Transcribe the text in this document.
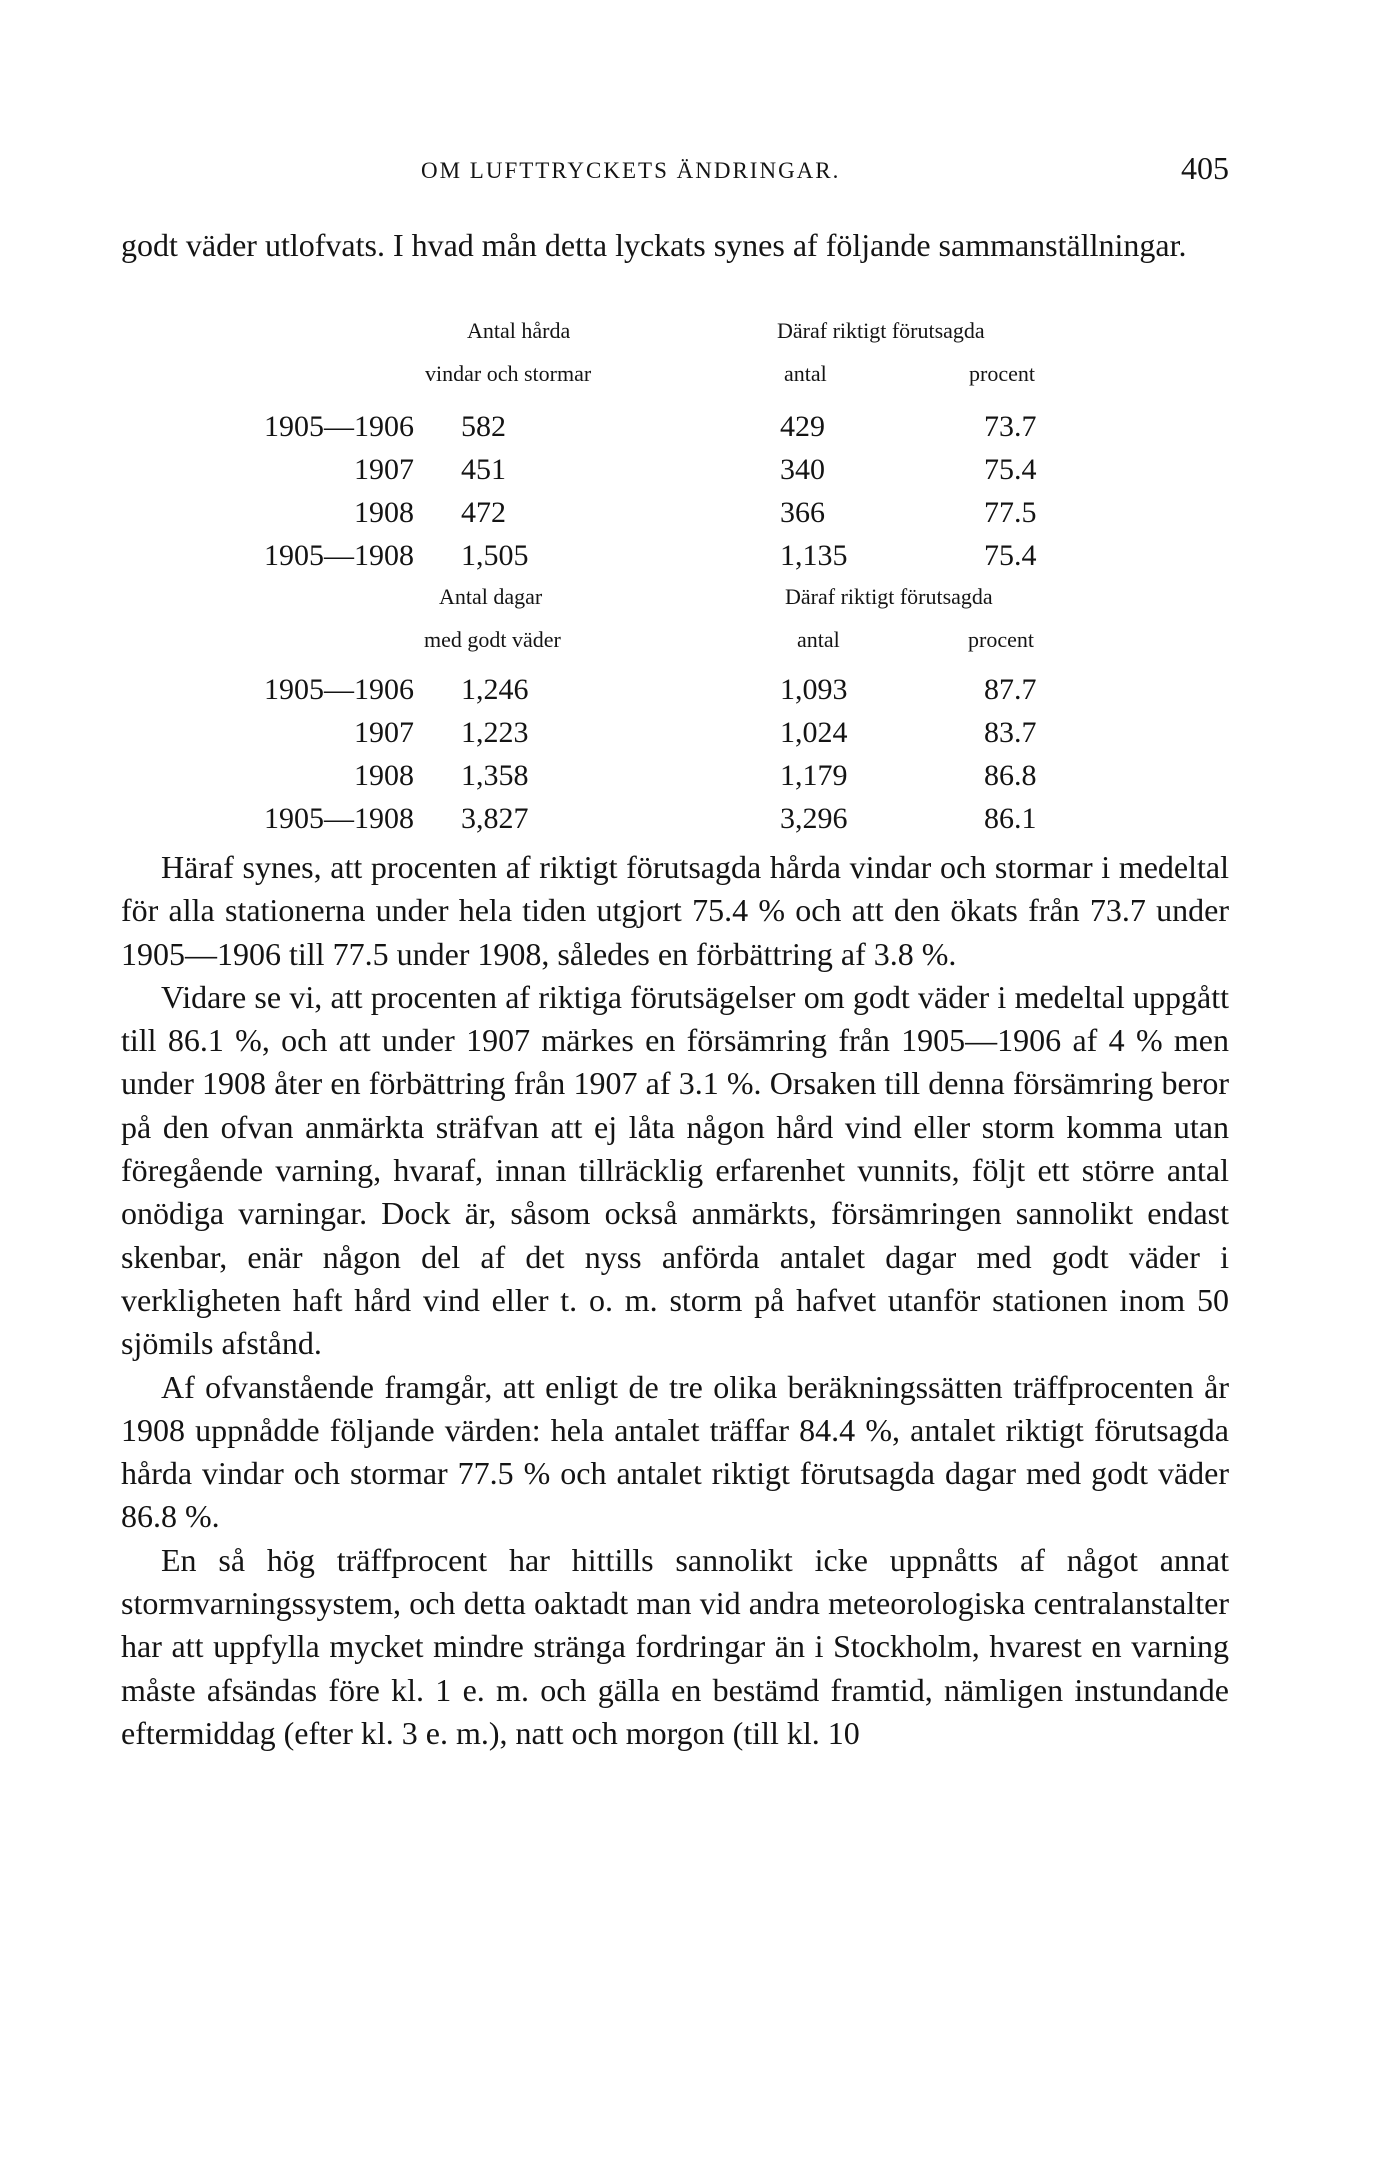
OM LUFTTRYCKETS ÄNDRINGAR.	405
godt väder utlofvats. I hvad mån detta lyckats synes af följande sammanställningar.
Antal hårda
vindar och stormar
Däraf riktigt förutsagda
antal	procent
1905—1906 582	429	73.7
1907 451	340	75.4
1908 472	366	77.5
1905—1908 1,505	1,135	75.4
Antal dagar
med godt väder
Däraf riktigt förutsagda
antal	procent
1905—1906 1,246	1,093	87.7
1907 1,223	1,024	83.7
1908 1,358	1,179	86.8
1905—1908 3,827	3,296	86.1

Häraf synes, att procenten af riktigt förutsagda hårda vindar och stormar i medeltal för alla stationerna under hela tiden utgjort 75.4 % och att den ökats från 73.7 under 1905—1906 till 77.5 under 1908, således en förbättring af 3.8 %.

Vidare se vi, att procenten af riktiga förutsägelser om godt väder i medeltal uppgått till 86.1 %, och att under 1907 märkes en försämring från 1905—1906 af 4 % men under 1908 åter en förbättring från 1907 af 3.1 %. Orsaken till denna försämring beror på den ofvan anmärkta sträfvan att ej låta någon hård vind eller storm komma utan föregående varning, hvaraf, innan tillräcklig erfarenhet vunnits, följt ett större antal onödiga varningar. Dock är, såsom också anmärkts, försämringen sannolikt endast skenbar, enär någon del af det nyss anförda antalet dagar med godt väder i verkligheten haft hård vind eller t. o. m. storm på hafvet utanför stationen inom 50 sjömils afstånd.

Af ofvanstående framgår, att enligt de tre olika beräkningssätten träffprocenten år 1908 uppnådde följande värden: hela antalet träffar 84.4 %, antalet riktigt förutsagda hårda vindar och stormar 77.5 % och antalet riktigt förutsagda dagar med godt väder 86.8 %.

En så hög träffprocent har hittills sannolikt icke uppnåtts af något annat stormvarningssystem, och detta oaktadt man vid andra meteorologiska centralanstalter har att uppfylla mycket mindre stränga fordringar än i Stockholm, hvarest en varning måste afsändas före kl. 1 e. m. och gälla en bestämd framtid, nämligen instundande eftermiddag (efter kl. 3 e. m.), natt och morgon (till kl. 10
